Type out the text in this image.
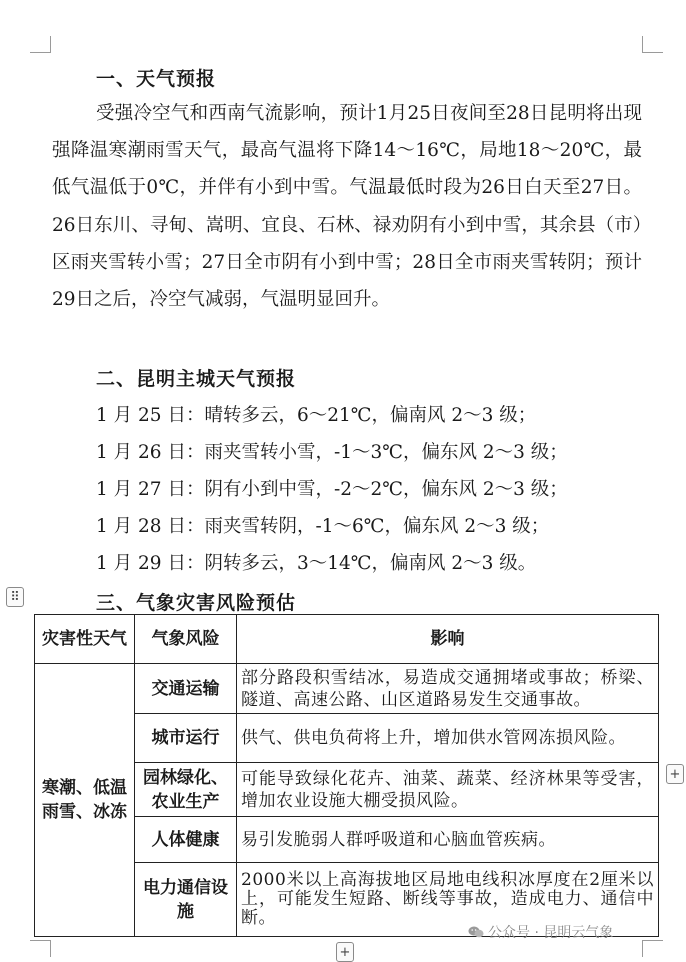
一、天气预报

受强冷空气和西南气流影响，预计1月25日夜间至28日昆明将出现强降温寒潮雨雪天气，最高气温将下降14～16℃，局地18～20℃，最低气温低于0℃，并伴有小到中雪。气温最低时段为26日白天至27日。26日东川、寻甸、嵩明、宜良、石林、禄劝阴有小到中雪，其余县（市）区雨夹雪转小雪；27日全市阴有小到中雪；28日全市雨夹雪转阴；预计29日之后，冷空气减弱，气温明显回升。

二、昆明主城天气预报
1 月 25 日：晴转多云，6～21℃，偏南风 2～3 级；
1 月 26 日：雨夹雪转小雪，-1～3℃，偏东风 2～3 级；
1 月 27 日：阴有小到中雪，-2～2℃，偏东风 2～3 级；
1 月 28 日：雨夹雪转阴，-1～6℃，偏东风 2～3 级；
1 月 29 日：阴转多云，3～14℃，偏南风 2～3 级。
⠿	三、气象灾害风险预估
灾害性天气	气象风险	影响
寒潮、低温雨雪、冰冻	交通运输	部分路段积雪结冰，易造成交通拥堵或事故；桥梁、隧道、高速公路、山区道路易发生交通事故。
	城市运行	供气、供电负荷将上升，增加供水管网冻损风险。
	园林绿化、农业生产	可能导致绿化花卉、油菜、蔬菜、经济林果等受害，增加农业设施大棚受损风险。
	人体健康	易引发脆弱人群呼吸道和心脑血管疾病。
	电力通信设施	2000米以上高海拔地区局地电线积冰厚度在2厘米以上，可能发生短路、断线等事故，造成电力、通信中断。
+
+
公众号 · 昆明云气象
